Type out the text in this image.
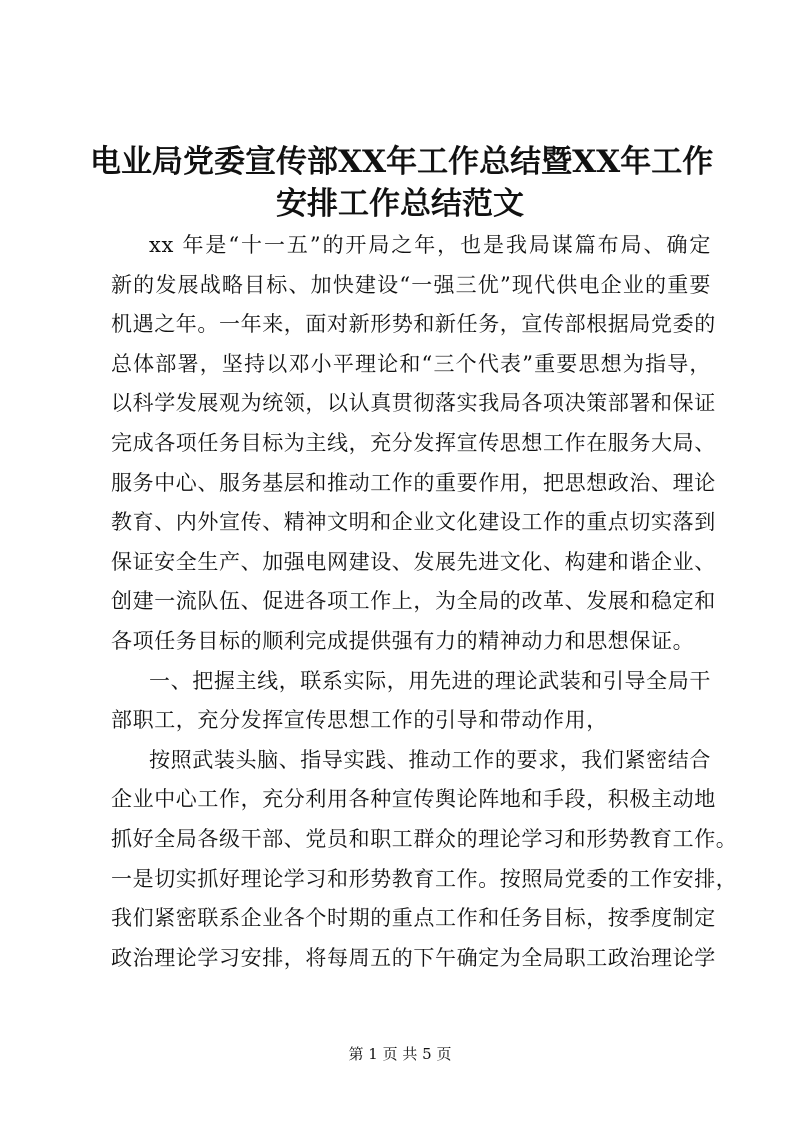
电业局党委宣传部XX年工作总结暨XX年工作
安排工作总结范文
xx 年是“十一五”的开局之年，也是我局谋篇布局、确定
新的发展战略目标、加快建设“一强三优”现代供电企业的重要
机遇之年。一年来，面对新形势和新任务，宣传部根据局党委的
总体部署，坚持以邓小平理论和“三个代表”重要思想为指导，
以科学发展观为统领，以认真贯彻落实我局各项决策部署和保证
完成各项任务目标为主线，充分发挥宣传思想工作在服务大局、
服务中心、服务基层和推动工作的重要作用，把思想政治、理论
教育、内外宣传、精神文明和企业文化建设工作的重点切实落到
保证安全生产、加强电网建设、发展先进文化、构建和谐企业、
创建一流队伍、促进各项工作上，为全局的改革、发展和稳定和
各项任务目标的顺利完成提供强有力的精神动力和思想保证。
一、把握主线，联系实际，用先进的理论武装和引导全局干
部职工，充分发挥宣传思想工作的引导和带动作用，
按照武装头脑、指导实践、推动工作的要求，我们紧密结合
企业中心工作，充分利用各种宣传舆论阵地和手段，积极主动地
抓好全局各级干部、党员和职工群众的理论学习和形势教育工作。
一是切实抓好理论学习和形势教育工作。按照局党委的工作安排，
我们紧密联系企业各个时期的重点工作和任务目标，按季度制定
政治理论学习安排，将每周五的下午确定为全局职工政治理论学
第 1 页 共 5 页
